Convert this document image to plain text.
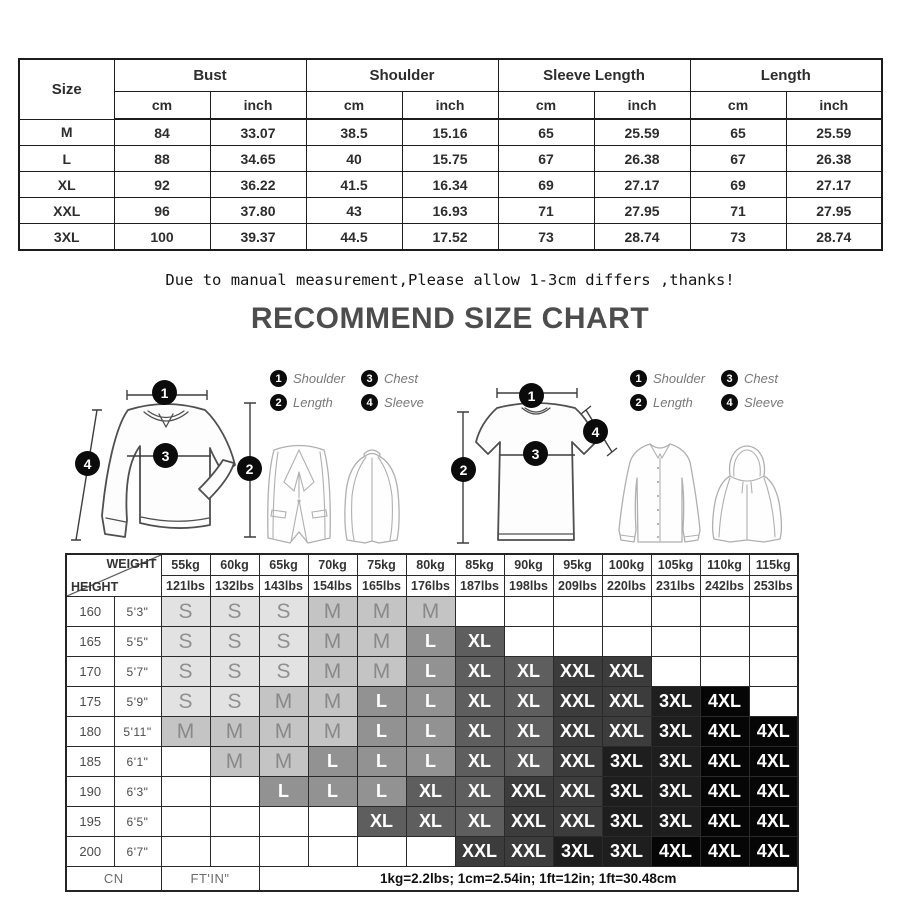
Size	Bust		Shoulder		Sleeve Length		Length	
	cm	inch	cm	inch	cm	inch	cm	inch
M	84	33.07	38.5	15.16	65	25.59	65	25.59
L	88	34.65	40	15.75	67	26.38	67	26.38
XL	92	36.22	41.5	16.34	69	27.17	69	27.17
XXL	96	37.80	43	16.93	71	27.95	71	27.95
3XL	100	39.37	44.5	17.52	73	28.74	73	28.74
Due to manual measurement,Please allow 1-3cm differs ,thanks!
RECOMMEND SIZE CHART
1
3
4	2
1
2
3
4
1 Shoulder	3 Chest
2 Length	4 Sleeve
1 Shoulder	3 Chest
2 Length	4 Sleeve
WEIGHT
HEIGHT		55kg	60kg	65kg	70kg	75kg	80kg	85kg	90kg	95kg	100kg	105kg	110kg	115kg
		121lbs	132lbs	143lbs	154lbs	165lbs	176lbs	187lbs	198lbs	209lbs	220lbs	231lbs	242lbs	253lbs
160	5'3"	S	S	S	M	M	M							
165	5'5"	S	S	S	M	M	L	XL						
170	5'7"	S	S	S	M	M	L	XL	XL	XXL	XXL			
175	5'9"	S	S	M	M	L	L	XL	XL	XXL	XXL	3XL	4XL	
180	5'11"	M	M	M	M	L	L	XL	XL	XXL	XXL	3XL	4XL	4XL
185	6'1"		M	M	L	L	L	XL	XL	XXL	3XL	3XL	4XL	4XL
190	6'3"			L	L	L	XL	XL	XXL	XXL	3XL	3XL	4XL	4XL
195	6'5"					XL	XL	XL	XXL	XXL	3XL	3XL	4XL	4XL
200	6'7"							XXL	XXL	3XL	3XL	4XL	4XL	4XL
CN		FT'IN"		1kg=2.2lbs; 1cm=2.54in; 1ft=12in; 1ft=30.48cm										
